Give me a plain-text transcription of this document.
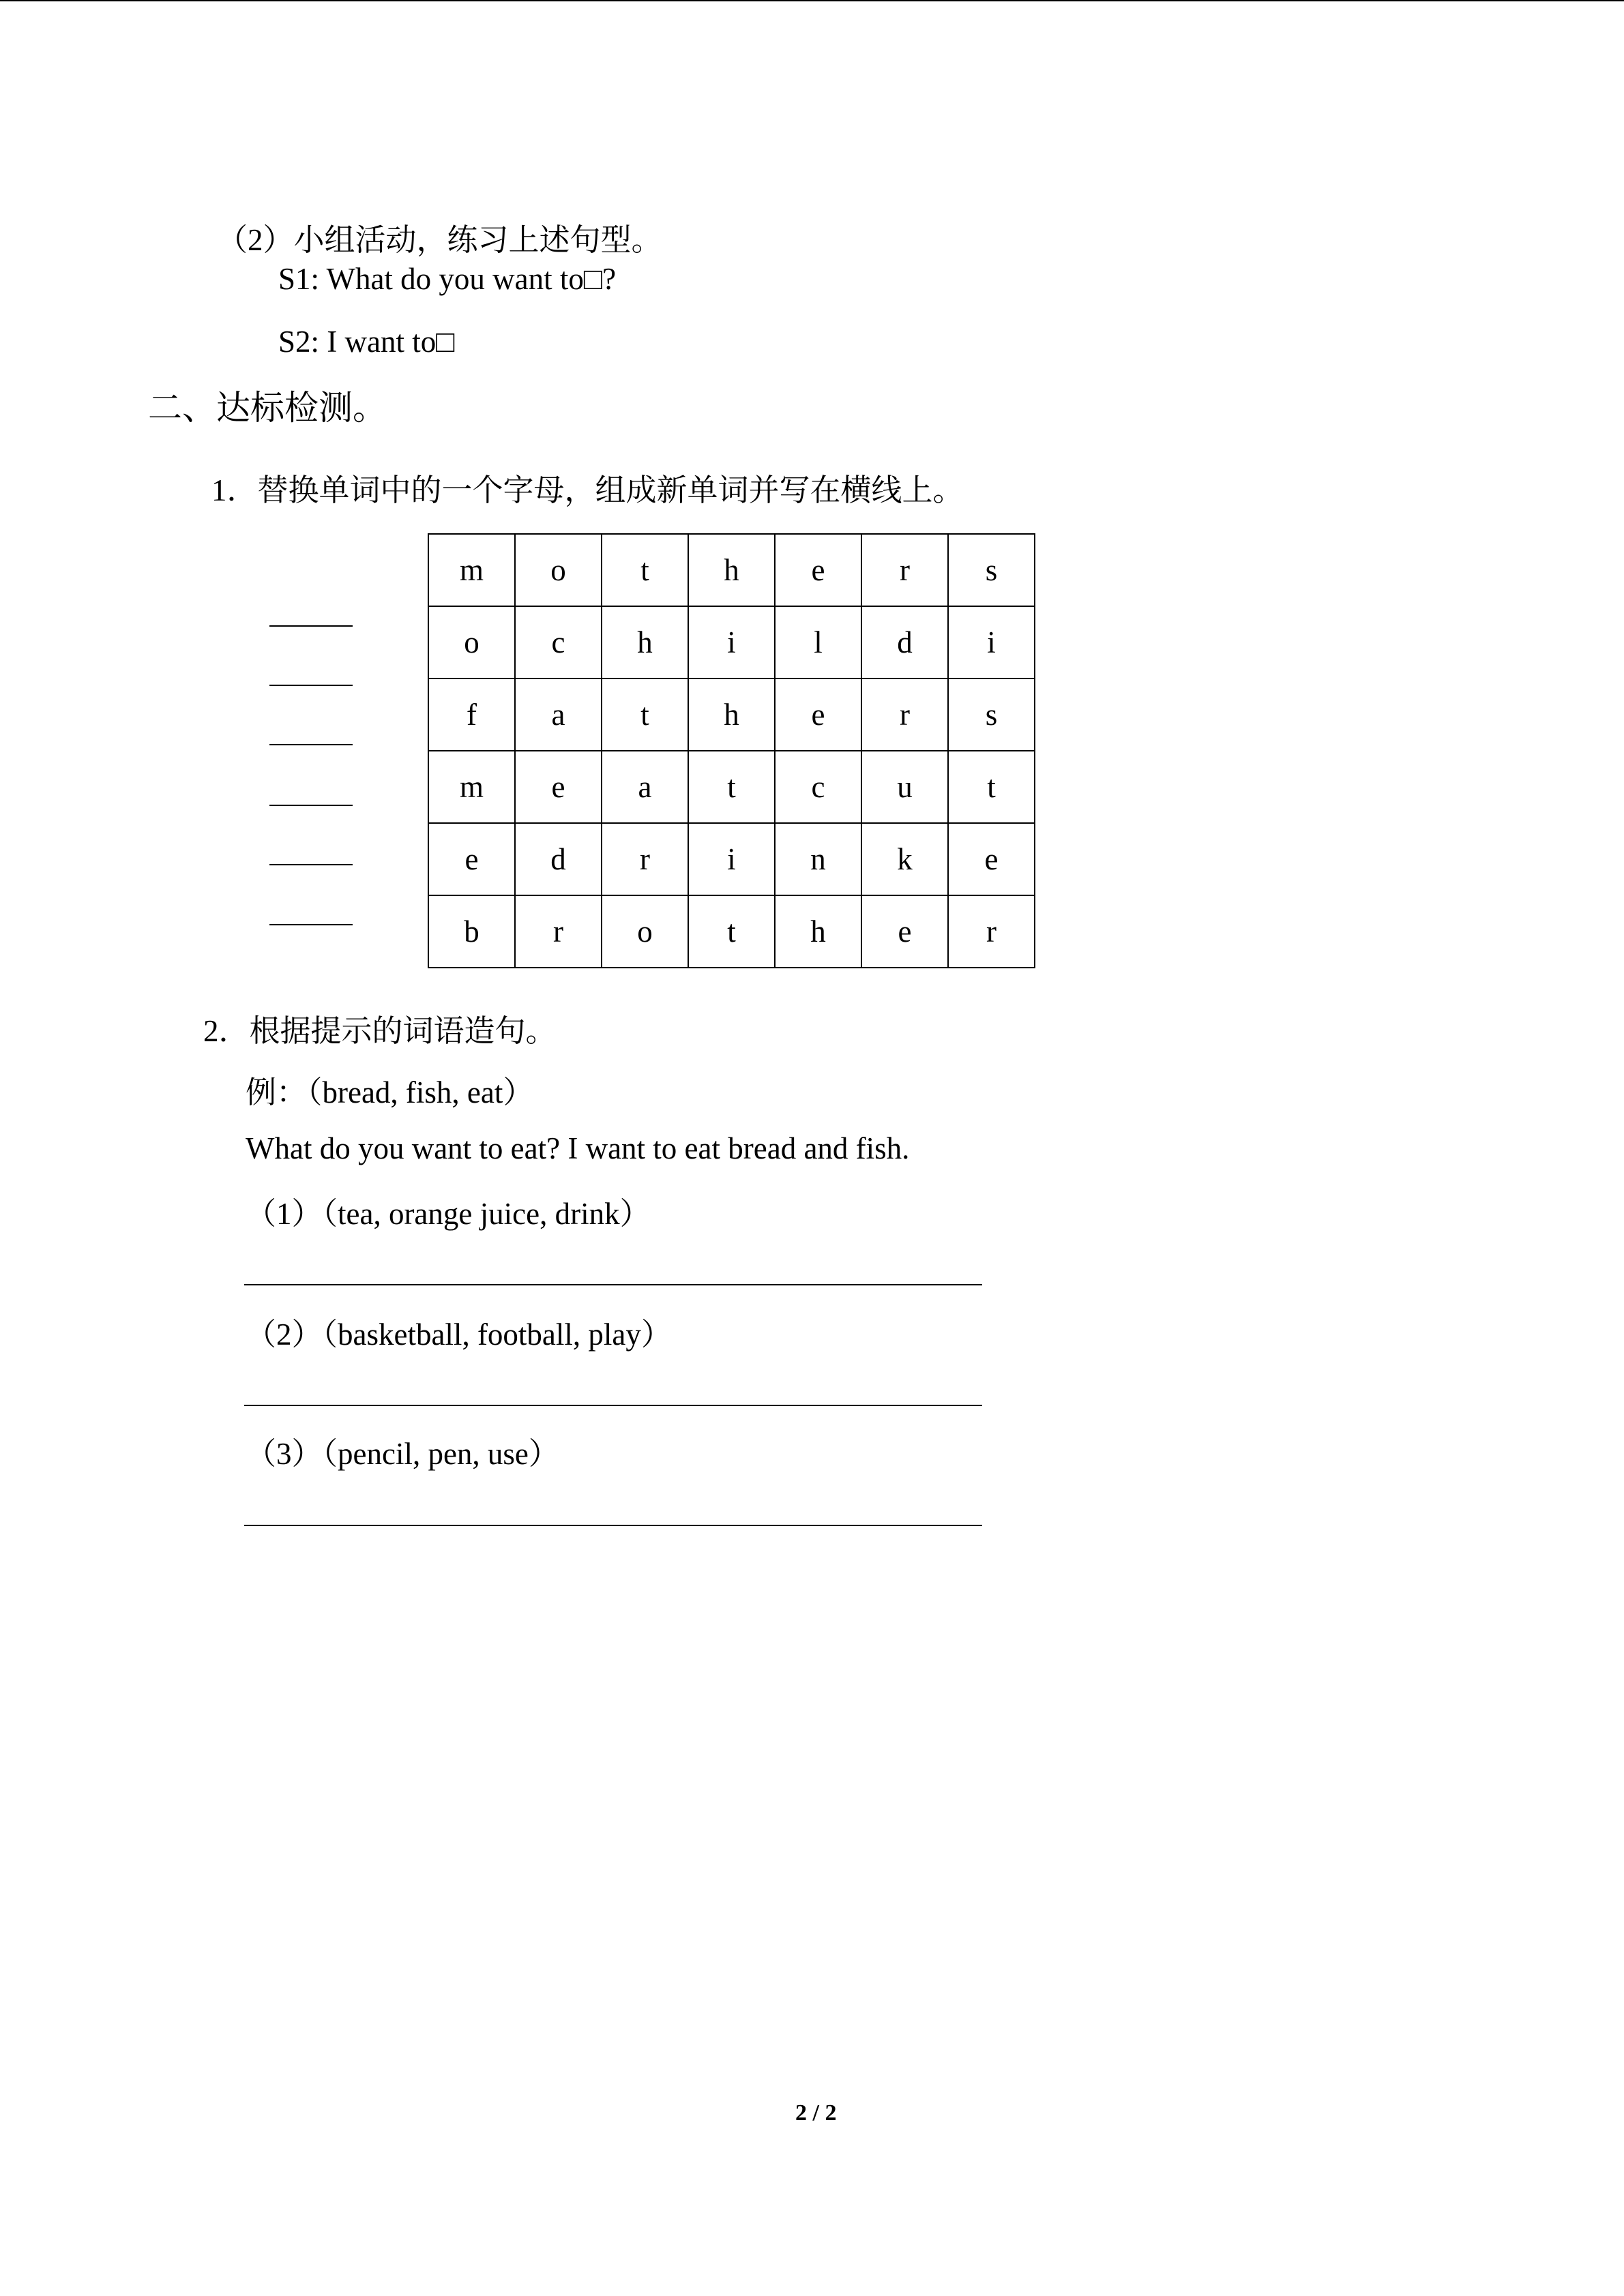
（2）小组活动，练习上述句型。
S1: What do you want to□?
S2: I want to□
二、达标检测。
1．替换单词中的一个字母，组成新单词并写在横线上。
m	o	t	h	e	r	s
o	c	h	i	l	d	i
f	a	t	h	e	r	s
m	e	a	t	c	u	t
e	d	r	i	n	k	e
b	r	o	t	h	e	r
2．根据提示的词语造句。
例：（bread, fish, eat）
What do you want to eat? I want to eat bread and fish.
（1）（tea, orange juice, drink）
（2）（basketball, football, play）
（3）（pencil, pen, use）
2 / 2
